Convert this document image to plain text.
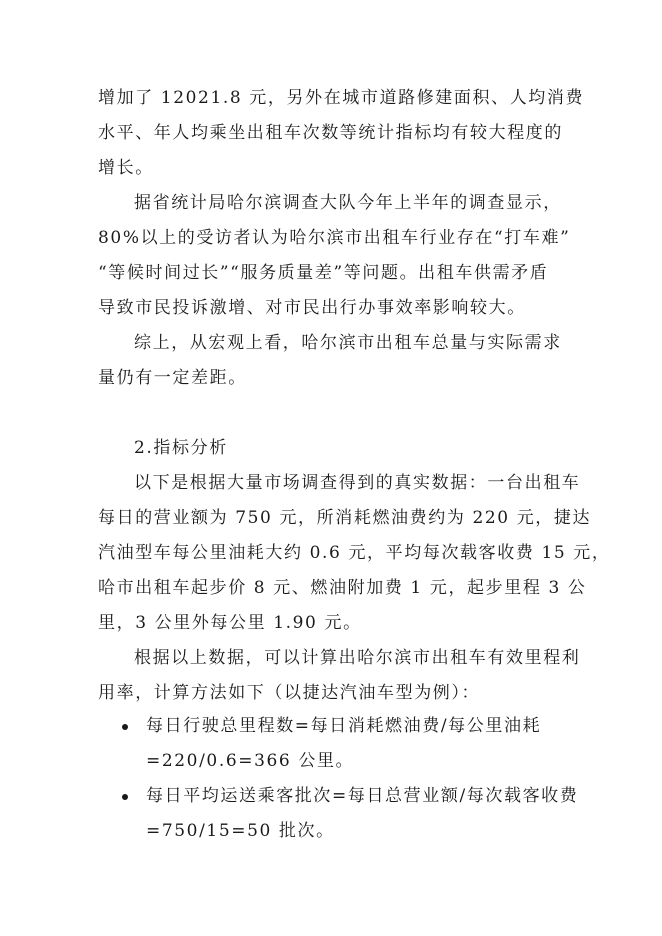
增加了 12021.8 元，另外在城市道路修建面积、人均消费
水平、年人均乘坐出租车次数等统计指标均有较大程度的
增长。
据省统计局哈尔滨调查大队今年上半年的调查显示，
80%以上的受访者认为哈尔滨市出租车行业存在“打车难”
“等候时间过长”“服务质量差”等问题。出租车供需矛盾
导致市民投诉激增、对市民出行办事效率影响较大。
综上，从宏观上看，哈尔滨市出租车总量与实际需求
量仍有一定差距。
2.指标分析
以下是根据大量市场调查得到的真实数据：一台出租车
每日的营业额为 750 元，所消耗燃油费约为 220 元，捷达
汽油型车每公里油耗大约 0.6 元，平均每次载客收费 15 元，
哈市出租车起步价 8 元、燃油附加费 1 元，起步里程 3 公
里，3 公里外每公里 1.90 元。
根据以上数据，可以计算出哈尔滨市出租车有效里程利
用率，计算方法如下（以捷达汽油车型为例）：
每日行驶总里程数=每日消耗燃油费/每公里油耗
=220/0.6=366 公里。
每日平均运送乘客批次=每日总营业额/每次载客收费
=750/15=50 批次。
